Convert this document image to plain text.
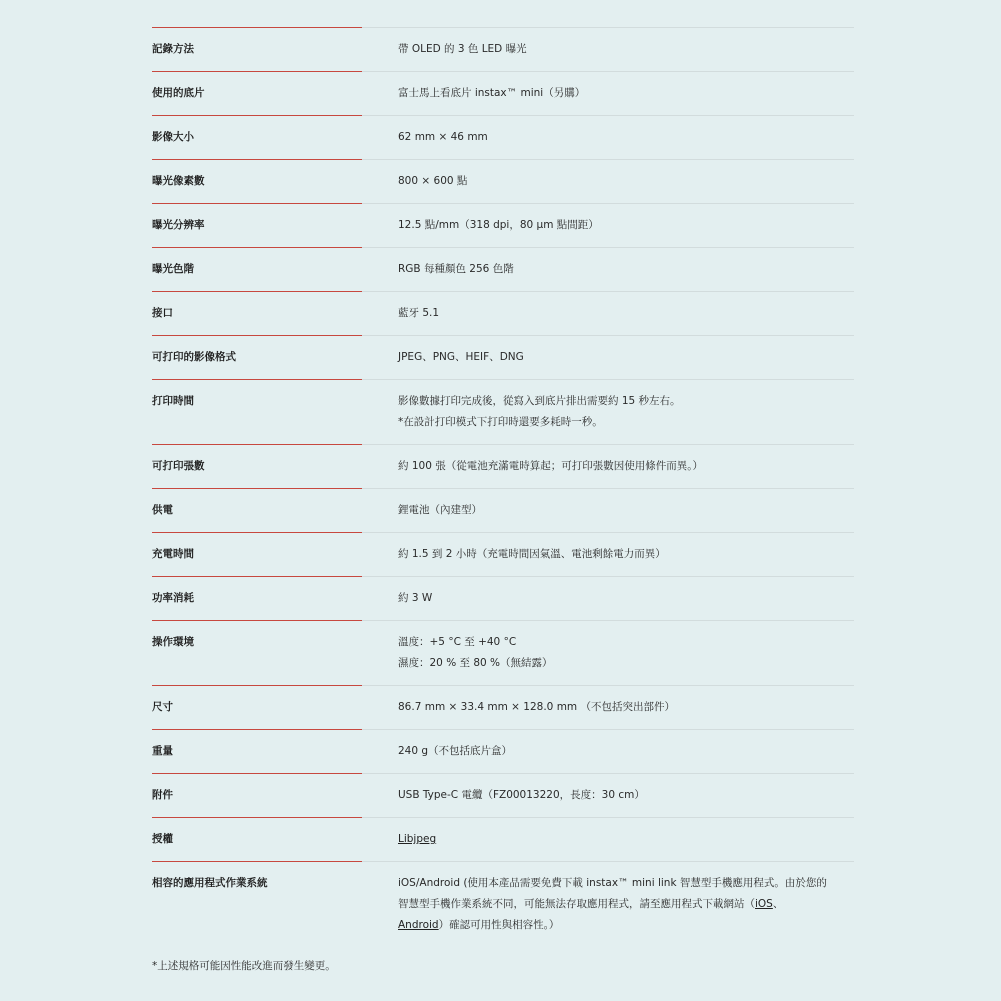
記錄方法	帶 OLED 的 3 色 LED 曝光
使用的底片	富士馬上看底片 instax™ mini（另購）
影像大小	62 mm × 46 mm
曝光像素數	800 × 600 點
曝光分辨率	12.5 點/mm（318 dpi，80 µm 點間距）
曝光色階	RGB 每種顏色 256 色階
接口	藍牙 5.1
可打印的影像格式	JPEG、PNG、HEIF、DNG
打印時間	影像數據打印完成後，從寫入到底片排出需要約 15 秒左右。
*在設計打印模式下打印時還要多耗時一秒。
可打印張數	約 100 張（從電池充滿電時算起；可打印張數因使用條件而異。）
供電	鋰電池（內建型）
充電時間	約 1.5 到 2 小時（充電時間因氣溫、電池剩餘電力而異）
功率消耗	約 3 W
操作環境	溫度：+5 °C 至 +40 °C
濕度：20 % 至 80 %（無結露）
尺寸	86.7 mm × 33.4 mm × 128.0 mm （不包括突出部件）
重量	240 g（不包括底片盒）
附件	USB Type-C 電纜（FZ00013220，長度：30 cm）
授權	Libjpeg
相容的應用程式作業系統	iOS/Android (使用本產品需要免費下載 instax™ mini link 智慧型手機應用程式。由於您的
智慧型手機作業系統不同，可能無法存取應用程式，請至應用程式下載網站（iOS、
Android）確認可用性與相容性。）
*上述規格可能因性能改進而發生變更。
